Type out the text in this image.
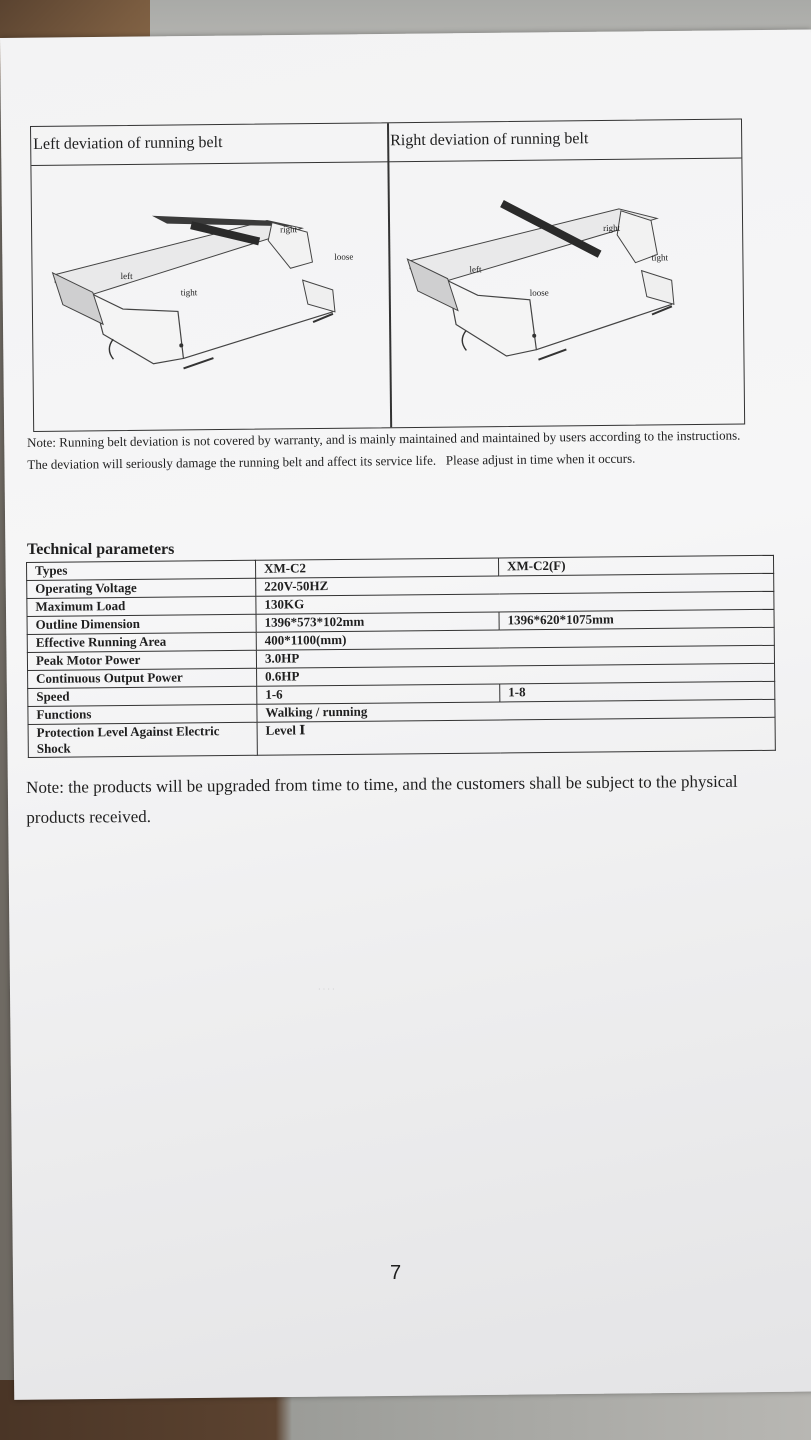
Left deviation of running belt	Right deviation of running belt
right
loose
left
tight
left
loose
right
tight

Note: Running belt deviation is not covered by warranty, and is mainly maintained and maintained by users according to the instructions.

The deviation will seriously damage the running belt and affect its service life.   Please adjust in time when it occurs.

Technical parameters
Types	XM-C2	XM-C2(F)
Operating Voltage	220V-50HZ	
Maximum Load	130KG	
Outline Dimension	1396*573*102mm	1396*620*1075mm
Effective Running Area	400*1100(mm)	
Peak Motor Power	3.0HP	
Continuous Output Power	0.6HP	
Speed	1-6	1-8
Functions	Walking / running	
Protection Level Against Electric Shock	Level Ⅰ	
Note: the products will be upgraded from time to time, and the customers shall be subject to the physical products received.
· · · ·
7
